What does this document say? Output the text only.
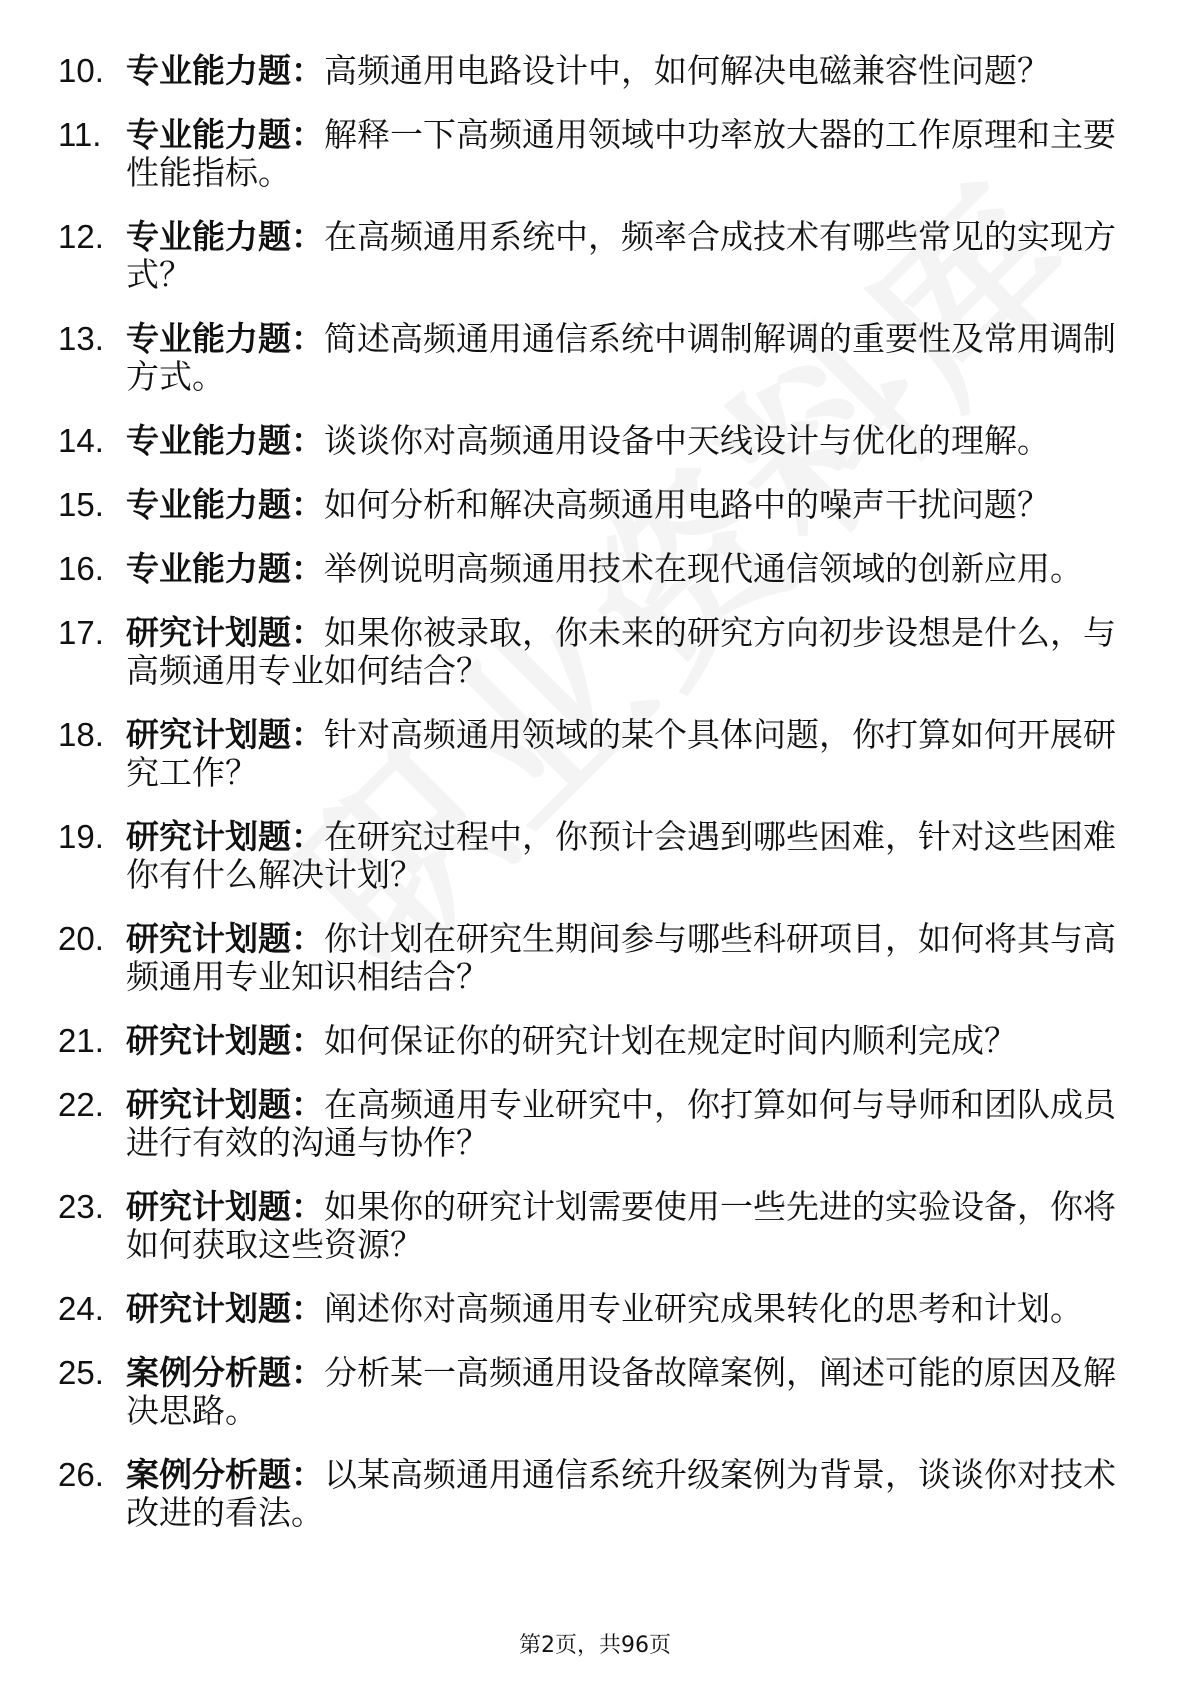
10. 专业能力题：高频通用电路设计中，如何解决电磁兼容性问题？
11. 专业能力题：解释一下高频通用领域中功率放大器的工作原理和主要性能指标。
12. 专业能力题：在高频通用系统中，频率合成技术有哪些常见的实现方式？
13. 专业能力题：简述高频通用通信系统中调制解调的重要性及常用调制方式。
14. 专业能力题：谈谈你对高频通用设备中天线设计与优化的理解。
15. 专业能力题：如何分析和解决高频通用电路中的噪声干扰问题？
16. 专业能力题：举例说明高频通用技术在现代通信领域的创新应用。
17. 研究计划题：如果你被录取，你未来的研究方向初步设想是什么，与高频通用专业如何结合？
18. 研究计划题：针对高频通用领域的某个具体问题，你打算如何开展研究工作？
19. 研究计划题：在研究过程中，你预计会遇到哪些困难，针对这些困难你有什么解决计划？
20. 研究计划题：你计划在研究生期间参与哪些科研项目，如何将其与高频通用专业知识相结合？
21. 研究计划题：如何保证你的研究计划在规定时间内顺利完成？
22. 研究计划题：在高频通用专业研究中，你打算如何与导师和团队成员进行有效的沟通与协作？
23. 研究计划题：如果你的研究计划需要使用一些先进的实验设备，你将如何获取这些资源？
24. 研究计划题：阐述你对高频通用专业研究成果转化的思考和计划。
25. 案例分析题：分析某一高频通用设备故障案例，阐述可能的原因及解决思路。
26. 案例分析题：以某高频通用通信系统升级案例为背景，谈谈你对技术改进的看法。
第2页，共96页
